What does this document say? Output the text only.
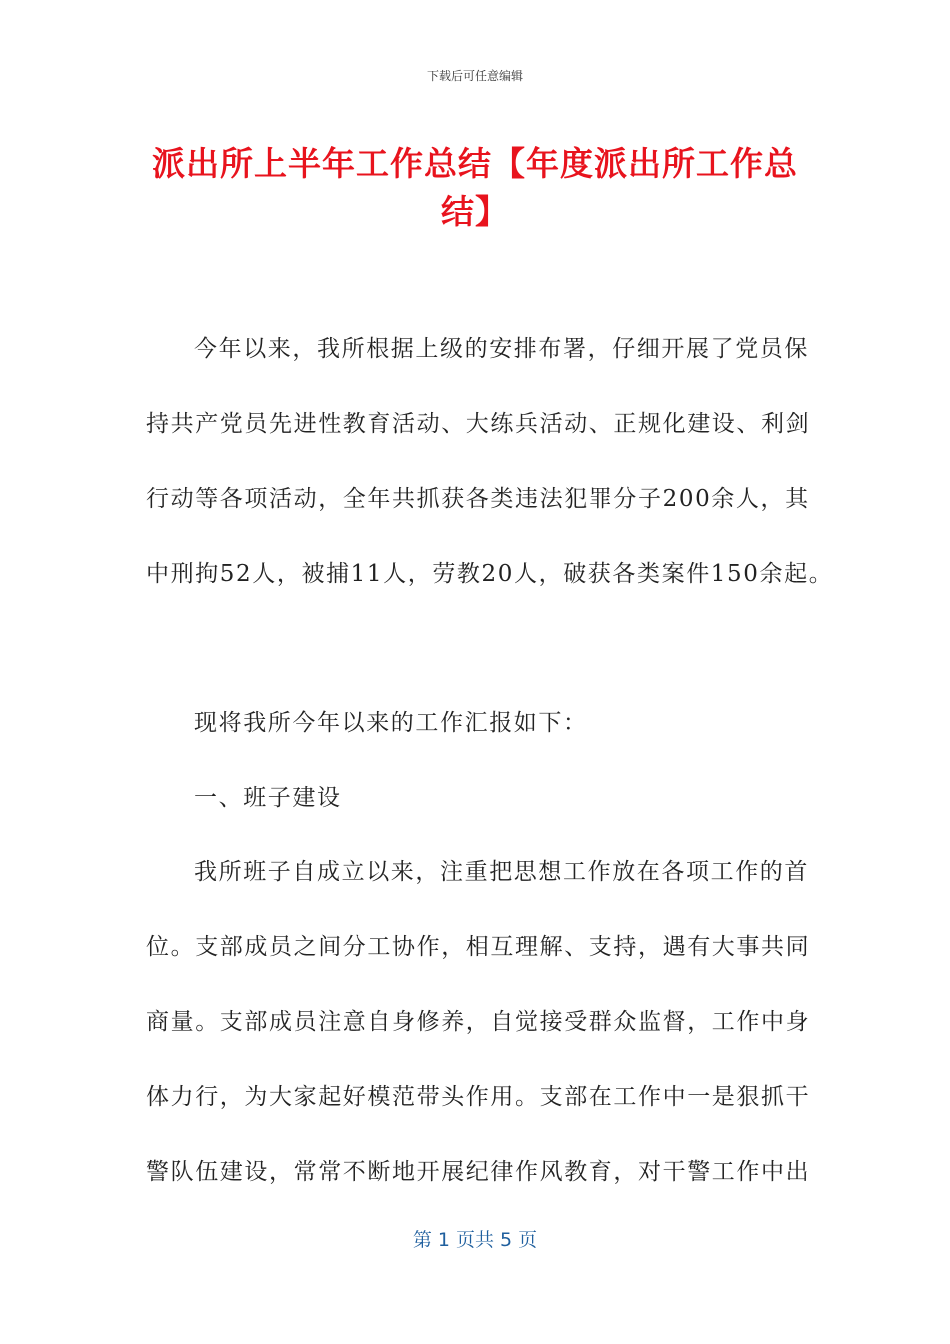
下载后可任意编辑
派出所上半年工作总结【年度派出所工作总
结】
今年以来，我所根据上级的安排布署，仔细开展了党员保
持共产党员先进性教育活动、大练兵活动、正规化建设、利剑
行动等各项活动，全年共抓获各类违法犯罪分子200余人，其
中刑拘52人，被捕11人，劳教20人，破获各类案件150余起。
现将我所今年以来的工作汇报如下：
一、班子建设
我所班子自成立以来，注重把思想工作放在各项工作的首
位。支部成员之间分工协作，相互理解、支持，遇有大事共同
商量。支部成员注意自身修养，自觉接受群众监督，工作中身
体力行，为大家起好模范带头作用。支部在工作中一是狠抓干
警队伍建设，常常不断地开展纪律作风教育，对干警工作中出
第 1 页共 5 页
